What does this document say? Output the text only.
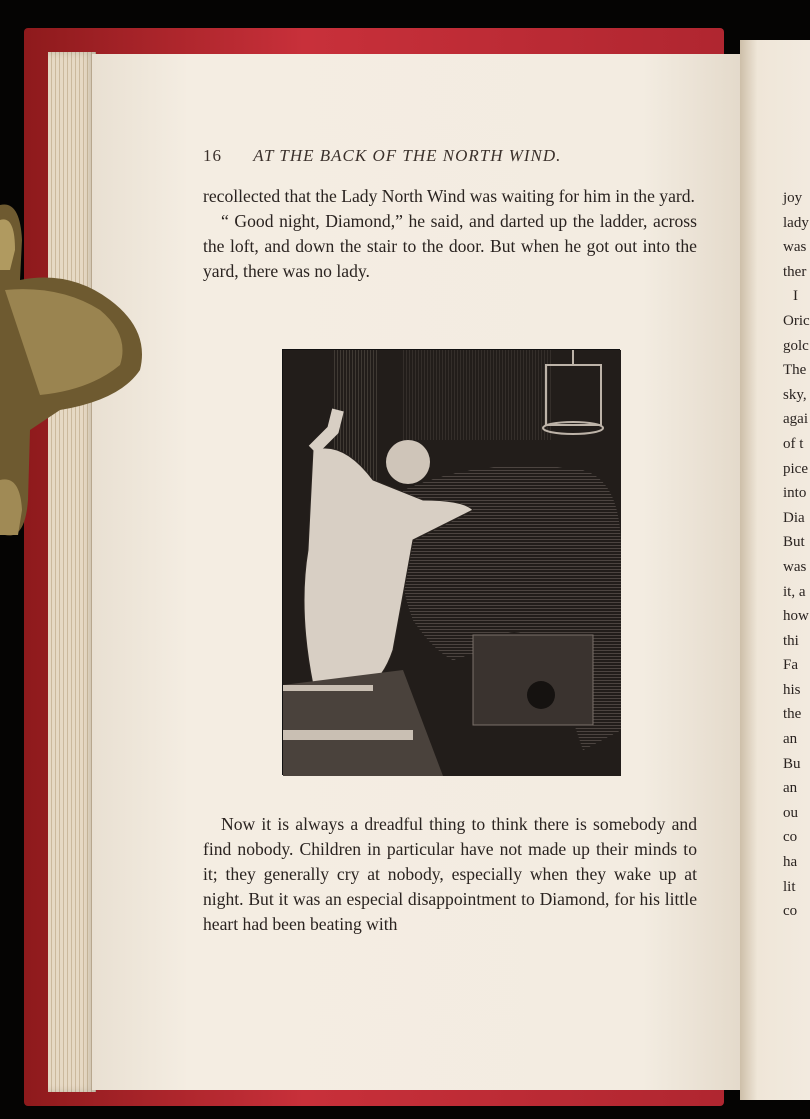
joy
lady
was
ther
I
Oric
golc
The
sky,
agai
of t
pice
into
Dia
But
was
it, a
how
thi
Fa
his
the
an
Bu
an
ou
co
ha
lit
co
16 AT THE BACK OF THE NORTH WIND.

recollected that the Lady North Wind was waiting for him in the yard.

“ Good night, Diamond,” he said, and darted up the ladder, across the loft, and down the stair to the door. But when he got out into the yard, there was no lady.

Now it is always a dreadful thing to think there is somebody and find nobody. Children in particular have not made up their minds to it; they generally cry at nobody, especially when they wake up at night. But it was an especial disappointment to Diamond, for his little heart had been beating with
